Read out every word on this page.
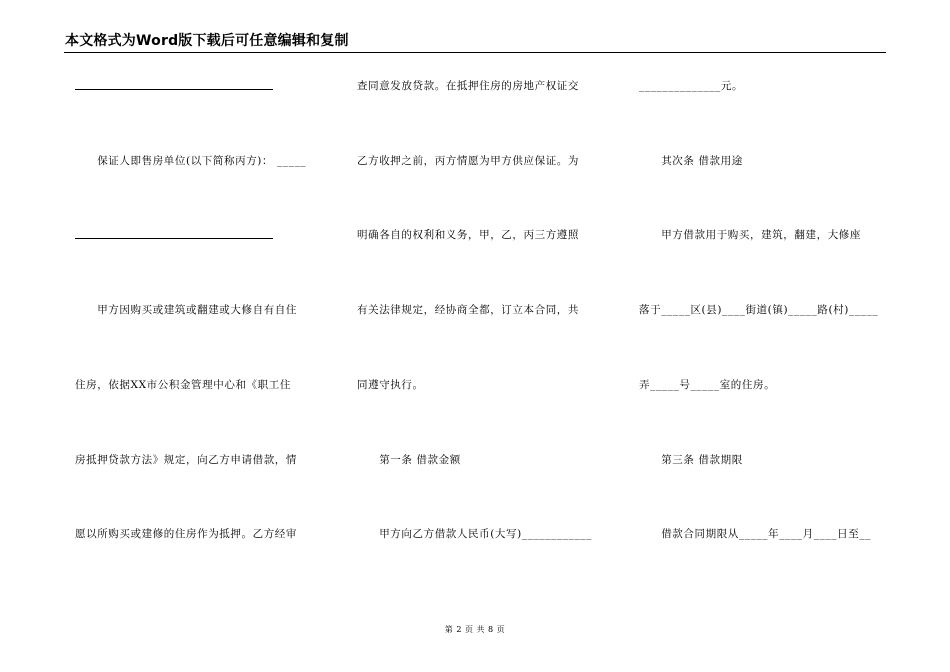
本文格式为Word版下载后可任意编辑和复制
　　保证人即售房单位(以下简称丙方)： _____
　　甲方因购买或建筑或翻建或大修自有自住
住房，依据XX市公积金管理中心和《职工住
房抵押贷款方法》规定，向乙方申请借款，情
愿以所购买或建修的住房作为抵押。乙方经审
查同意发放贷款。在抵押住房的房地产权证交
乙方收押之前，丙方情愿为甲方供应保证。为
明确各自的权利和义务，甲，乙，丙三方遵照
有关法律规定，经协商全都，订立本合同，共
同遵守执行。
　　第一条 借款金额
　　甲方向乙方借款人民币(大写)____________
______________元。
　　其次条 借款用途
　　甲方借款用于购买，建筑，翻建，大修座
落于_____区(县)____街道(镇)_____路(村)_____
弄_____号_____室的住房。
　　第三条 借款期限
　　借款合同期限从_____年____月____日至__
第 2 页 共 8 页
